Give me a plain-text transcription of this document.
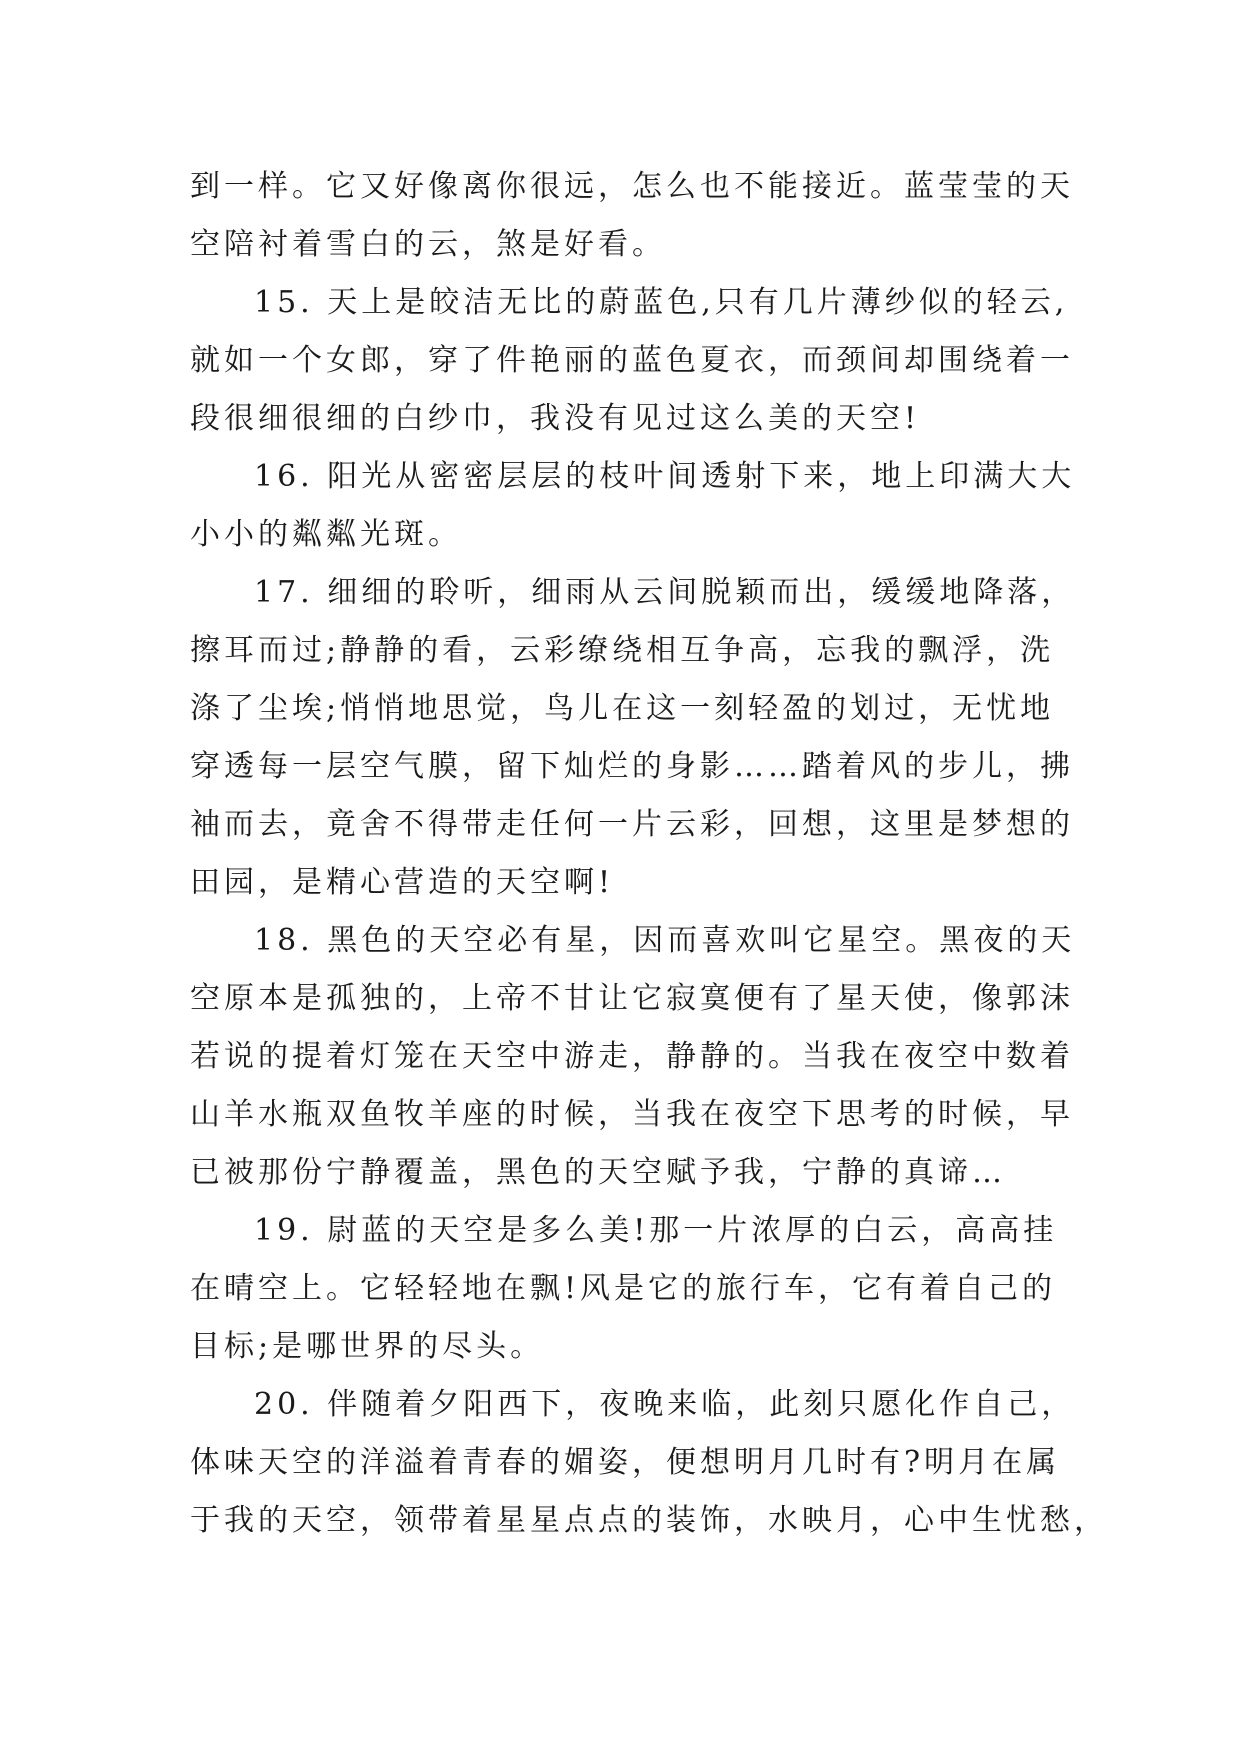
到一样。它又好像离你很远，怎么也不能接近。蓝莹莹的天
空陪衬着雪白的云，煞是好看。
15. 天上是皎洁无比的蔚蓝色,只有几片薄纱似的轻云,
就如一个女郎，穿了件艳丽的蓝色夏衣，而颈间却围绕着一
段很细很细的白纱巾，我没有见过这么美的天空!
16. 阳光从密密层层的枝叶间透射下来，地上印满大大
小小的粼粼光斑。
17. 细细的聆听，细雨从云间脱颖而出，缓缓地降落，
擦耳而过;静静的看，云彩缭绕相互争高，忘我的飘浮，洗
涤了尘埃;悄悄地思觉，鸟儿在这一刻轻盈的划过，无忧地
穿透每一层空气膜，留下灿烂的身影……踏着风的步儿，拂
袖而去，竟舍不得带走任何一片云彩，回想，这里是梦想的
田园，是精心营造的天空啊!
18. 黑色的天空必有星，因而喜欢叫它星空。黑夜的天
空原本是孤独的，上帝不甘让它寂寞便有了星天使，像郭沫
若说的提着灯笼在天空中游走，静静的。当我在夜空中数着
山羊水瓶双鱼牧羊座的时候，当我在夜空下思考的时候，早
已被那份宁静覆盖，黑色的天空赋予我，宁静的真谛…
19. 尉蓝的天空是多么美!那一片浓厚的白云，高高挂
在晴空上。它轻轻地在飘!风是它的旅行车，它有着自己的
目标;是哪世界的尽头。
20. 伴随着夕阳西下，夜晚来临，此刻只愿化作自己，
体味天空的洋溢着青春的媚姿，便想明月几时有?明月在属
于我的天空，领带着星星点点的装饰，水映月，心中生忧愁，
